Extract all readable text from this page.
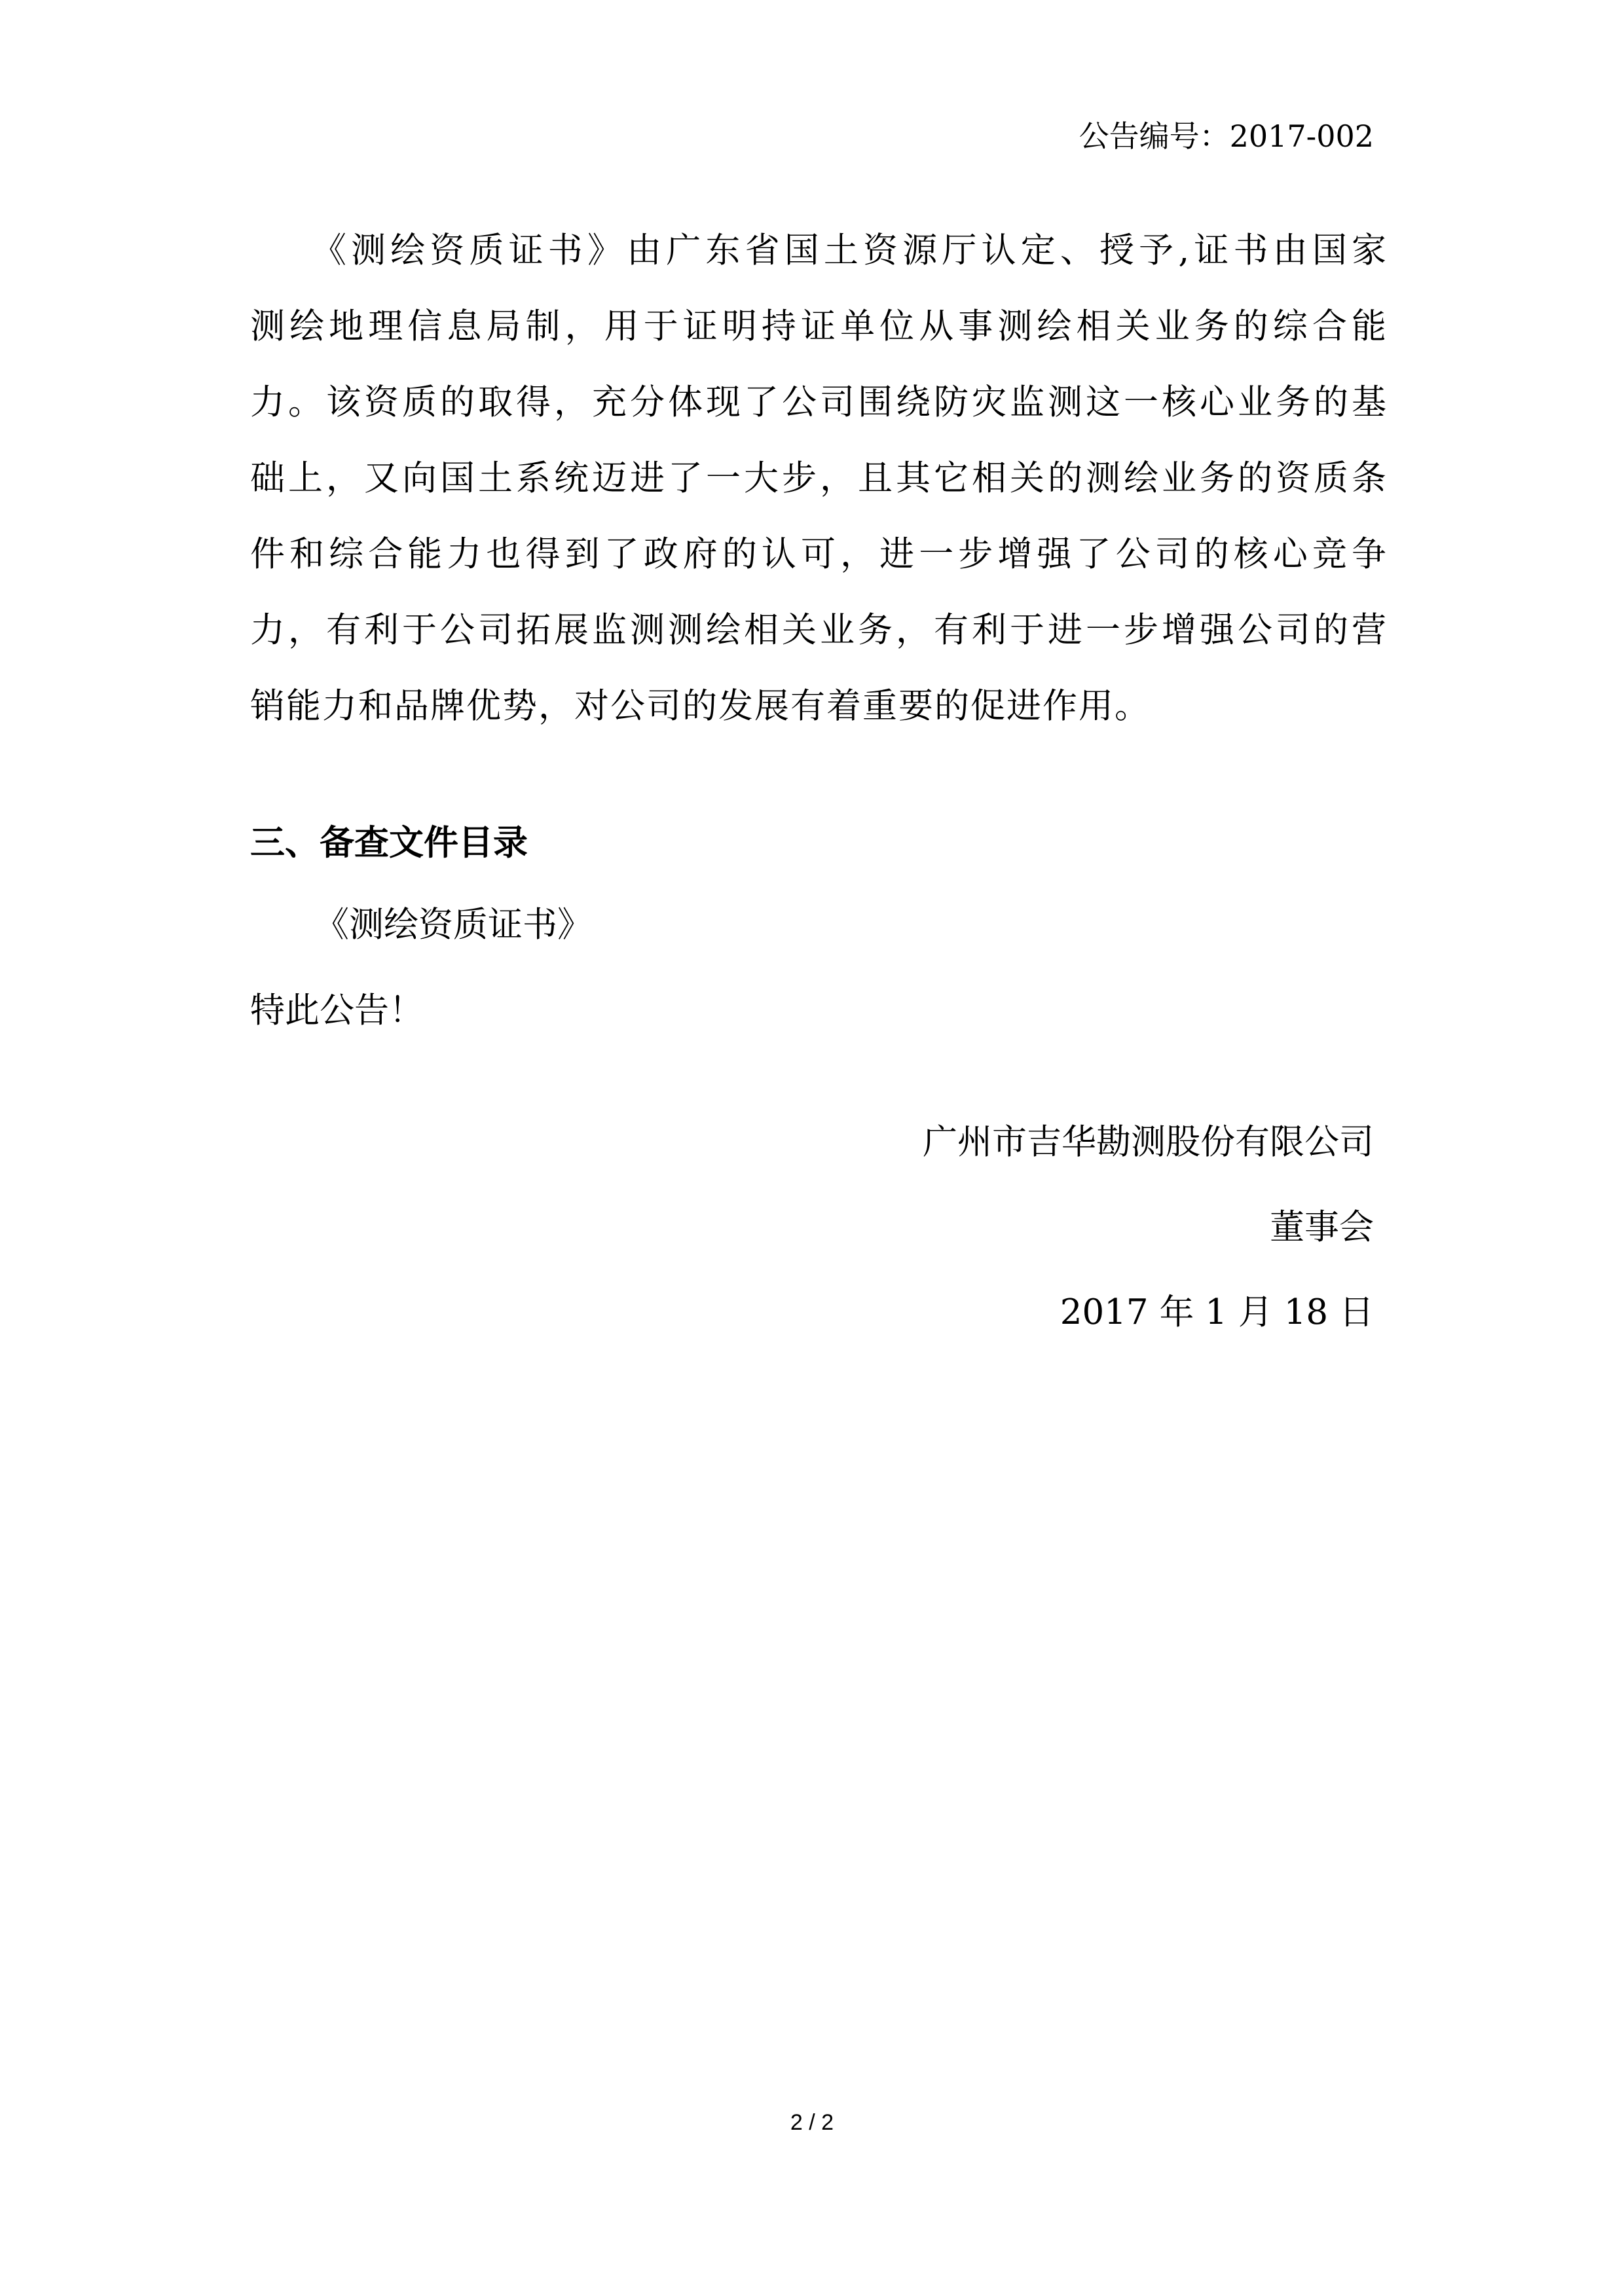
公告编号：2017-002
　　《测绘资质证书》由广东省国土资源厅认定、授予,证书由国家
测绘地理信息局制，用于证明持证单位从事测绘相关业务的综合能
力。该资质的取得，充分体现了公司围绕防灾监测这一核心业务的基
础上，又向国土系统迈进了一大步，且其它相关的测绘业务的资质条
件和综合能力也得到了政府的认可，进一步增强了公司的核心竞争
力，有利于公司拓展监测测绘相关业务，有利于进一步增强公司的营
销能力和品牌优势，对公司的发展有着重要的促进作用。
三、备查文件目录
《测绘资质证书》
特此公告！
广州市吉华勘测股份有限公司
董事会
2017 年 1 月 18 日
2 / 2
